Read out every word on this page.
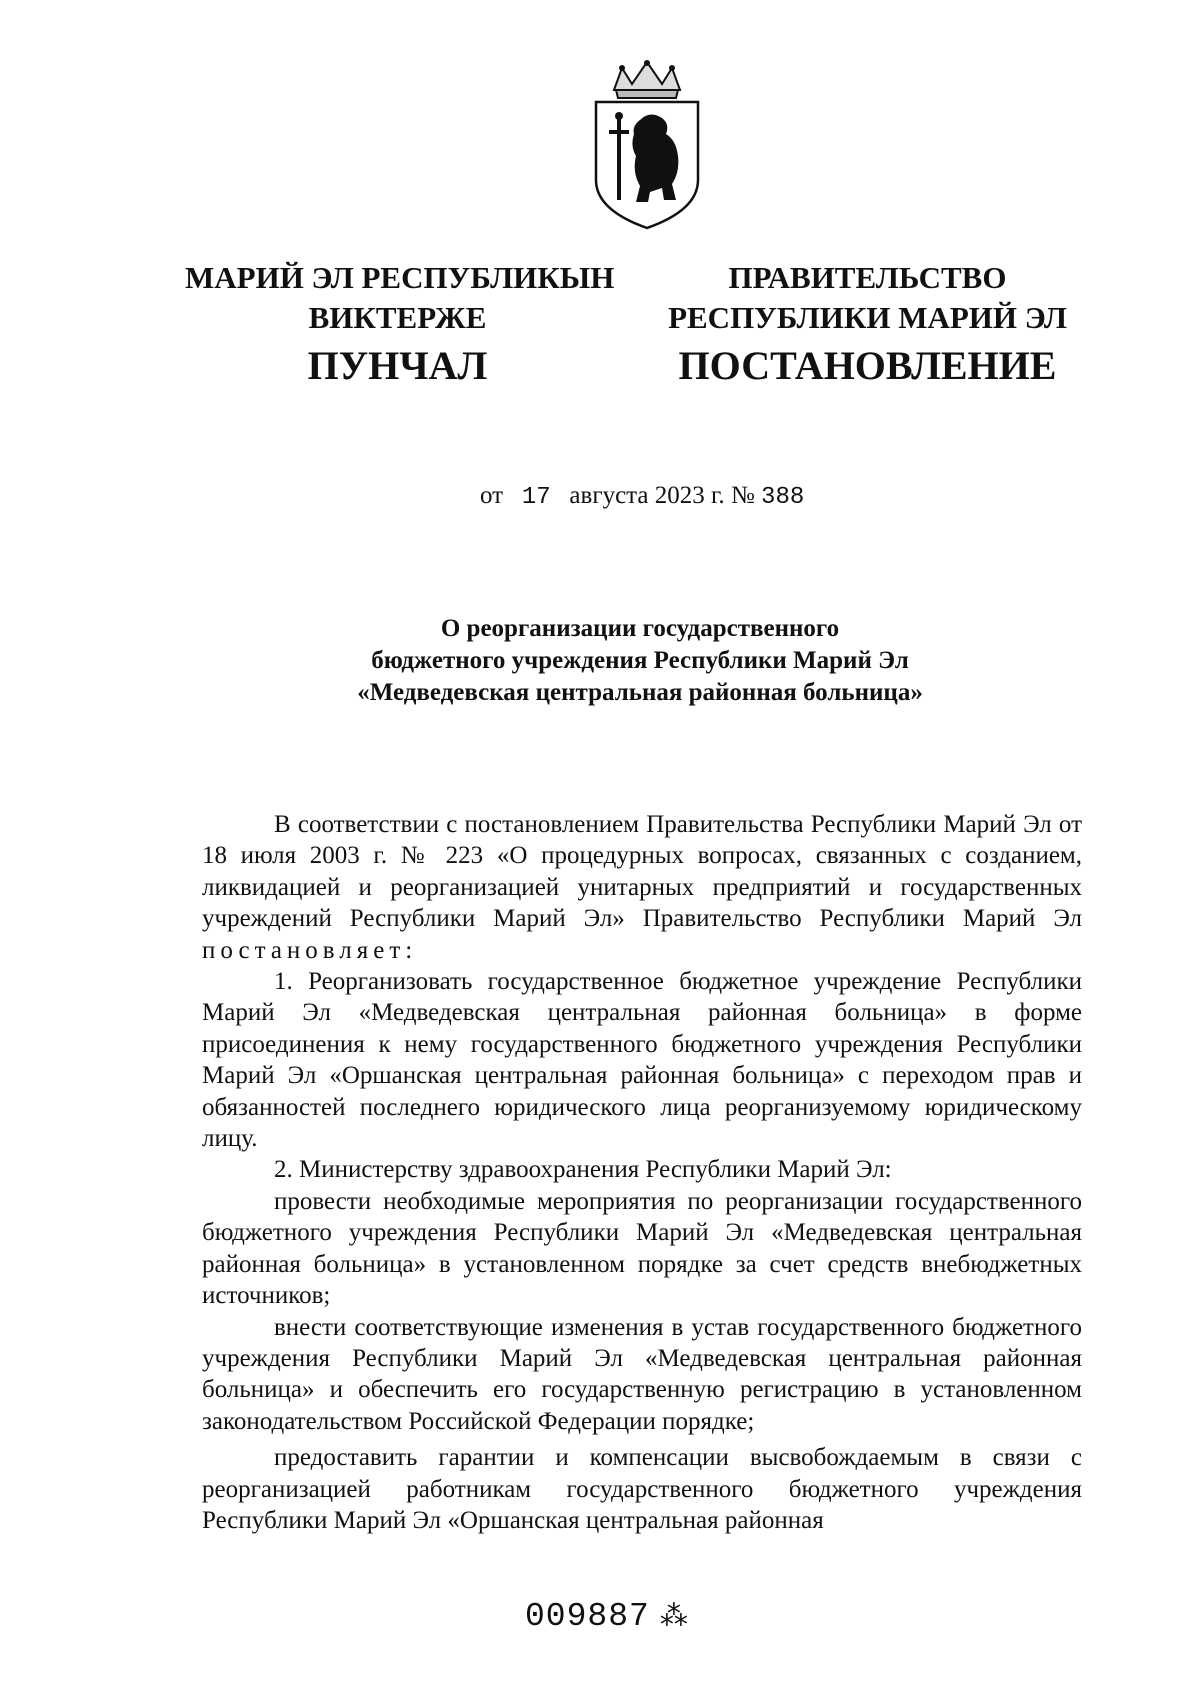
МАРИЙ ЭЛ РЕСПУБЛИКЫН
ВИКТЕРЖЕ
ПУНЧАЛ
ПРАВИТЕЛЬСТВО
РЕСПУБЛИКИ МАРИЙ ЭЛ
ПОСТАНОВЛЕНИЕ
от 17 августа 2023 г. № 388
О реорганизации государственного
бюджетного учреждения Республики Марий Эл
«Медведевская центральная районная больница»

В соответствии с постановлением Правительства Республики Марий Эл от 18 июля 2003 г. № 223 «О процедурных вопросах, связанных с созданием, ликвидацией и реорганизацией унитарных предприятий и государственных учреждений Республики Марий Эл» Правительство Республики Марий Эл постановляет:

1. Реорганизовать государственное бюджетное учреждение Республики Марий Эл «Медведевская центральная районная больница» в форме присоединения к нему государственного бюджетного учреждения Республики Марий Эл «Оршанская центральная районная больница» с переходом прав и обязанностей последнего юридического лица реорганизуемому юридическому лицу.

2. Министерству здравоохранения Республики Марий Эл:

провести необходимые мероприятия по реорганизации государственного бюджетного учреждения Республики Марий Эл «Медведевская центральная районная больница» в установленном порядке за счет средств внебюджетных источников;

внести соответствующие изменения в устав государственного бюджетного учреждения Республики Марий Эл «Медведевская центральная районная больница» и обеспечить его государственную регистрацию в установленном законодательством Российской Федерации порядке;

предоставить гарантии и компенсации высвобождаемым в связи с реорганизацией работникам государственного бюджетного учреждения Республики Марий Эл «Оршанская центральная районная

009887 ⁂
